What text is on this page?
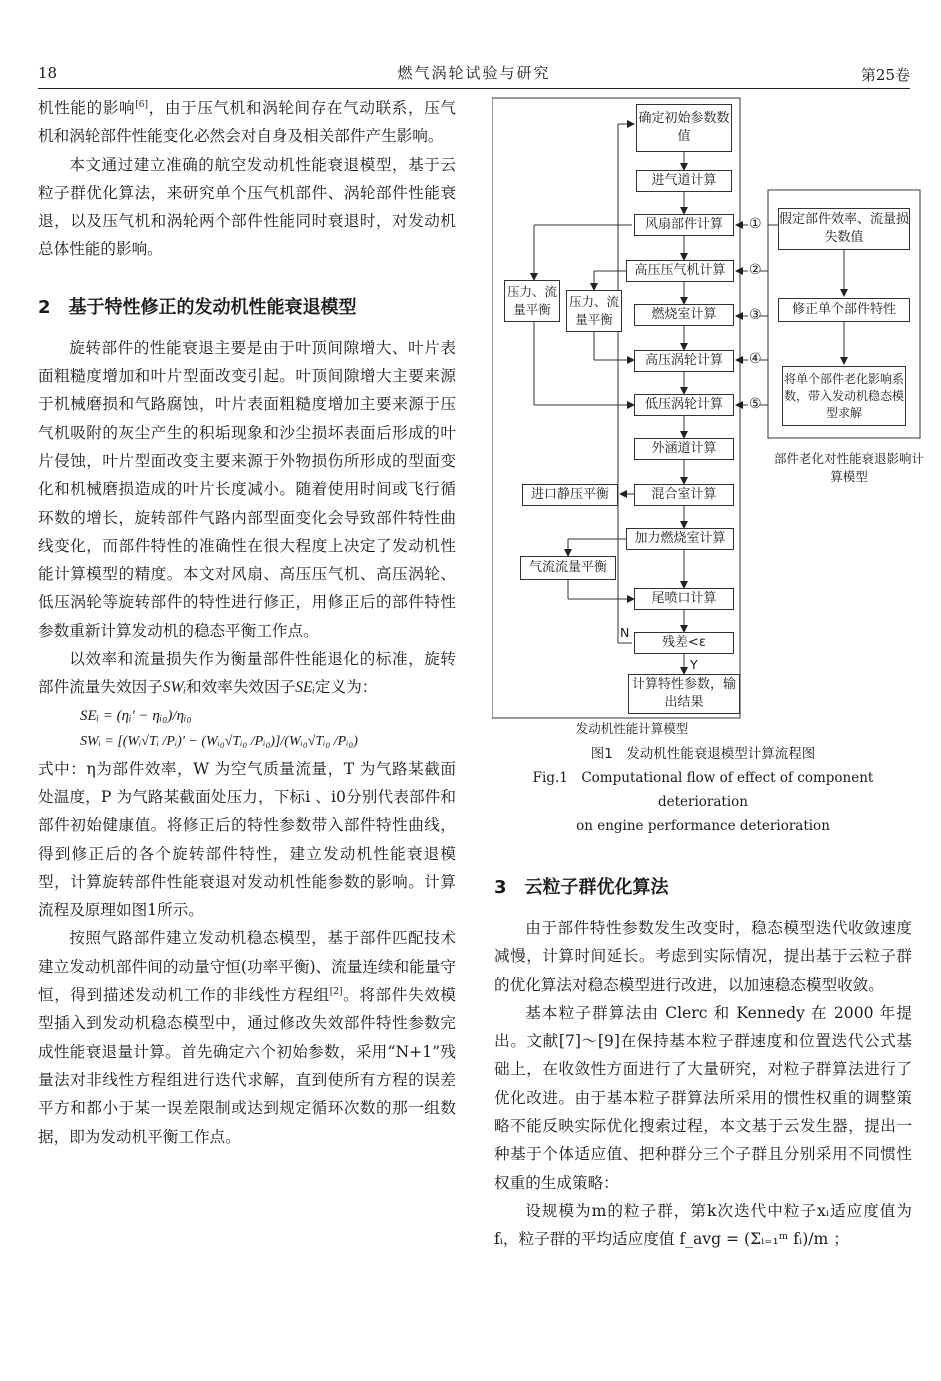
18	燃气涡轮试验与研究	第25卷

机性能的影响[6]，由于压气机和涡轮间存在气动联系，压气机和涡轮部件性能变化必然会对自身及相关部件产生影响。

本文通过建立准确的航空发动机性能衰退模型，基于云粒子群优化算法，来研究单个压气机部件、涡轮部件性能衰退，以及压气机和涡轮两个部件性能同时衰退时，对发动机总体性能的影响。

2　基于特性修正的发动机性能衰退模型

旋转部件的性能衰退主要是由于叶顶间隙增大、叶片表面粗糙度增加和叶片型面改变引起。叶顶间隙增大主要来源于机械磨损和气路腐蚀，叶片表面粗糙度增加主要来源于压气机吸附的灰尘产生的积垢现象和沙尘损坏表面后形成的叶片侵蚀，叶片型面改变主要来源于外物损伤所形成的型面变化和机械磨损造成的叶片长度减小。随着使用时间或飞行循环数的增长，旋转部件气路内部型面变化会导致部件特性曲线变化，而部件特性的准确性在很大程度上决定了发动机性能计算模型的精度。本文对风扇、高压压气机、高压涡轮、低压涡轮等旋转部件的特性进行修正，用修正后的部件特性参数重新计算发动机的稳态平衡工作点。

以效率和流量损失作为衡量部件性能退化的标准，旋转部件流量失效因子SWᵢ和效率失效因子SEᵢ定义为：

SEᵢ = (ηᵢ′ − ηᵢ₀)/ηᵢ₀

SWᵢ = [(Wᵢ√Tᵢ /Pᵢ)′ − (Wᵢ₀√Tᵢ₀ /Pᵢ₀)]/(Wᵢ₀√Tᵢ₀ /Pᵢ₀)

式中：η为部件效率，W 为空气质量流量，T 为气路某截面处温度，P 为气路某截面处压力，下标i 、i0分别代表部件和部件初始健康值。将修正后的特性参数带入部件特性曲线，得到修正后的各个旋转部件特性，建立发动机性能衰退模型，计算旋转部件性能衰退对发动机性能参数的影响。计算流程及原理如图1所示。

按照气路部件建立发动机稳态模型，基于部件匹配技术建立发动机部件间的动量守恒(功率平衡)、流量连续和能量守恒，得到描述发动机工作的非线性方程组[2]。将部件失效模型插入到发动机稳态模型中，通过修改失效部件特性参数完成性能衰退量计算。首先确定六个初始参数，采用“N+1”残量法对非线性方程组进行迭代求解，直到使所有方程的误差平方和都小于某一误差限制或达到规定循环次数的那一组数据，即为发动机平衡工作点。

确定初始参数数值
进气道计算
风扇部件计算
高压压气机计算
燃烧室计算
高压涡轮计算
低压涡轮计算
外涵道计算
混合室计算
加力燃烧室计算
尾喷口计算
残差<ε
计算特性参数，输出结果
压力、流量平衡
压力、流量平衡
进口静压平衡
气流流量平衡
假定部件效率、流量损失数值
修正单个部件特性
将单个部件老化影响系数，带入发动机稳态模型求解
①
②
③
④
⑤
N
Y
部件老化对性能衰退影响计算模型
发动机性能计算模型
图1　发动机性能衰退模型计算流程图
Fig.1　Computational flow of effect of component deterioration
on engine performance deterioration

3　云粒子群优化算法

由于部件特性参数发生改变时，稳态模型迭代收敛速度减慢，计算时间延长。考虑到实际情况，提出基于云粒子群的优化算法对稳态模型进行改进，以加速稳态模型收敛。

基本粒子群算法由 Clerc 和 Kennedy 在 2000 年提出。文献[7]～[9]在保持基本粒子群速度和位置迭代公式基础上，在收敛性方面进行了大量研究，对粒子群算法进行了优化改进。由于基本粒子群算法所采用的惯性权重的调整策略不能反映实际优化搜索过程，本文基于云发生器，提出一种基于个体适应值、把种群分三个子群且分别采用不同惯性权重的生成策略：

设规模为m的粒子群，第k次迭代中粒子xᵢ适应度值为 fᵢ，粒子群的平均适应度值 f_avg = (Σᵢ₌₁ᵐ fᵢ)/m ；
